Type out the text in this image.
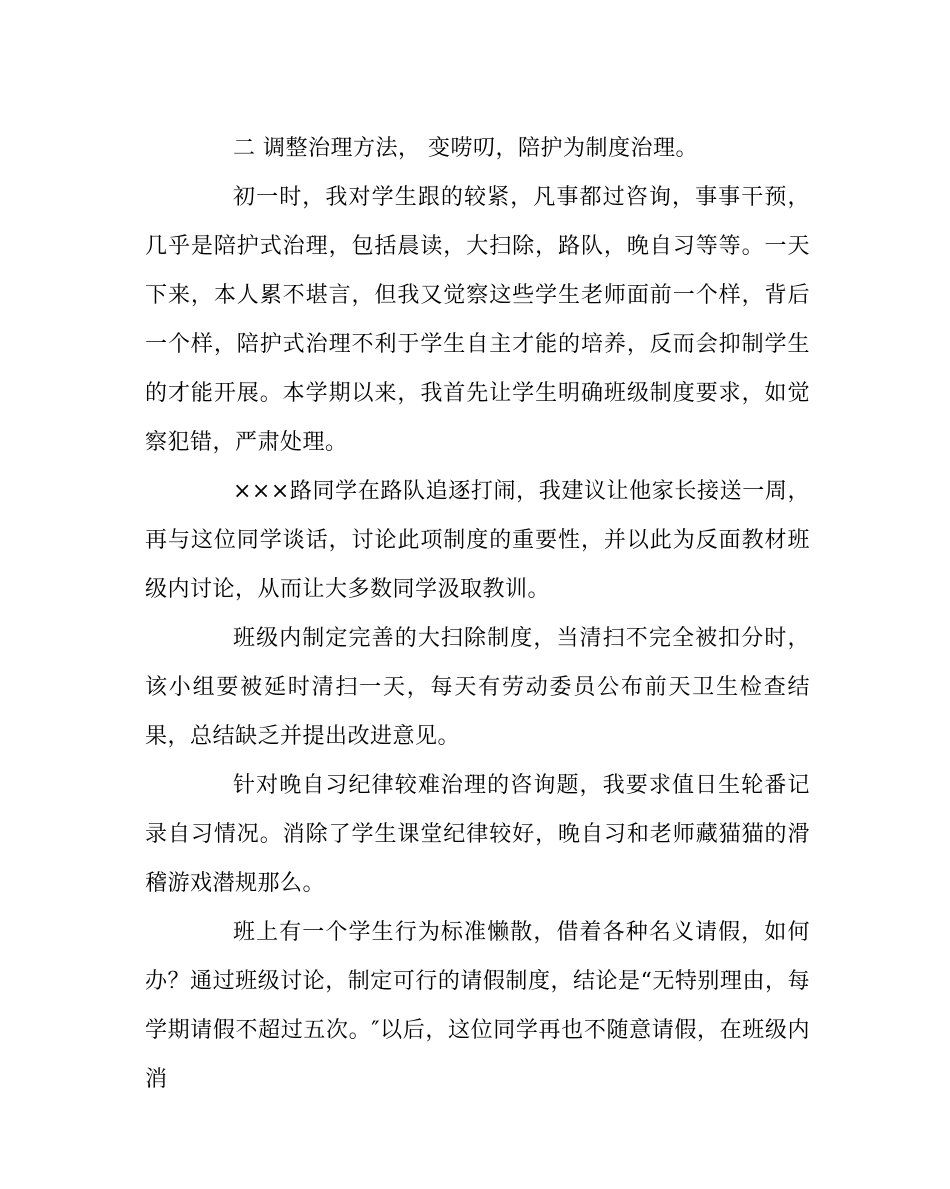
二 调整治理方法， 变唠叨，陪护为制度治理。

初一时，我对学生跟的较紧，凡事都过咨询，事事干预，几乎是陪护式治理，包括晨读，大扫除，路队，晚自习等等。一天下来，本人累不堪言，但我又觉察这些学生老师面前一个样，背后一个样，陪护式治理不利于学生自主才能的培养，反而会抑制学生的才能开展。本学期以来，我首先让学生明确班级制度要求，如觉察犯错，严肃处理。

×××路同学在路队追逐打闹，我建议让他家长接送一周，再与这位同学谈话，讨论此项制度的重要性，并以此为反面教材班级内讨论，从而让大多数同学汲取教训。

班级内制定完善的大扫除制度，当清扫不完全被扣分时，该小组要被延时清扫一天，每天有劳动委员公布前天卫生检查结果，总结缺乏并提出改进意见。

针对晚自习纪律较难治理的咨询题，我要求值日生轮番记录自习情况。消除了学生课堂纪律较好，晚自习和老师藏猫猫的滑稽游戏潜规那么。

班上有一个学生行为标准懒散，借着各种名义请假，如何办？通过班级讨论，制定可行的请假制度，结论是“无特别理由，每学期请假不超过五次。″以后，这位同学再也不随意请假，在班级内消
